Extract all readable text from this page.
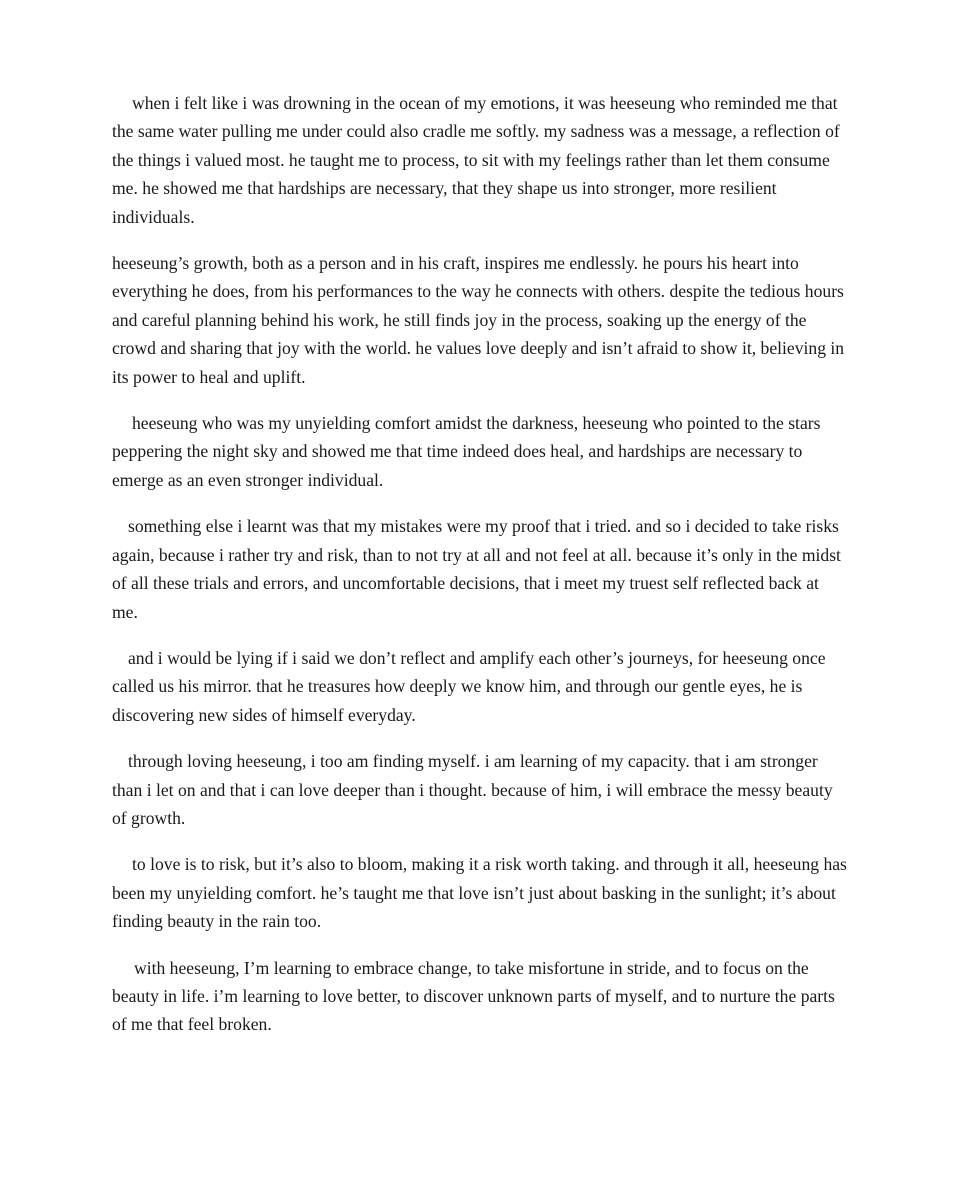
when i felt like i was drowning in the ocean of my emotions, it was heeseung who reminded me that the same water pulling me under could also cradle me softly. my sadness was a message, a reflection of the things i valued most. he taught me to process, to sit with my feelings rather than let them consume me. he showed me that hardships are necessary, that they shape us into stronger, more resilient individuals.

heeseung’s growth, both as a person and in his craft, inspires me endlessly. he pours his heart into everything he does, from his performances to the way he connects with others. despite the tedious hours and careful planning behind his work, he still finds joy in the process, soaking up the energy of the crowd and sharing that joy with the world. he values love deeply and isn’t afraid to show it, believing in its power to heal and uplift.

heeseung who was my unyielding comfort amidst the darkness, heeseung who pointed to the stars peppering the night sky and showed me that time indeed does heal, and hardships are necessary to emerge as an even stronger individual.

something else i learnt was that my mistakes were my proof that i tried. and so i decided to take risks again, because i rather try and risk, than to not try at all and not feel at all. because it’s only in the midst of all these trials and errors, and uncomfortable decisions, that i meet my truest self reflected back at me.

and i would be lying if i said we don’t reflect and amplify each other’s journeys, for heeseung once called us his mirror. that he treasures how deeply we know him, and through our gentle eyes, he is discovering new sides of himself everyday.

through loving heeseung, i too am finding myself. i am learning of my capacity. that i am stronger than i let on and that i can love deeper than i thought. because of him, i will embrace the messy beauty of growth.

to love is to risk, but it’s also to bloom, making it a risk worth taking. and through it all, heeseung has been my unyielding comfort. he’s taught me that love isn’t just about basking in the sunlight; it’s about finding beauty in the rain too.

with heeseung, I’m learning to embrace change, to take misfortune in stride, and to focus on the beauty in life. i’m learning to love better, to discover unknown parts of myself, and to nurture the parts of me that feel broken.
